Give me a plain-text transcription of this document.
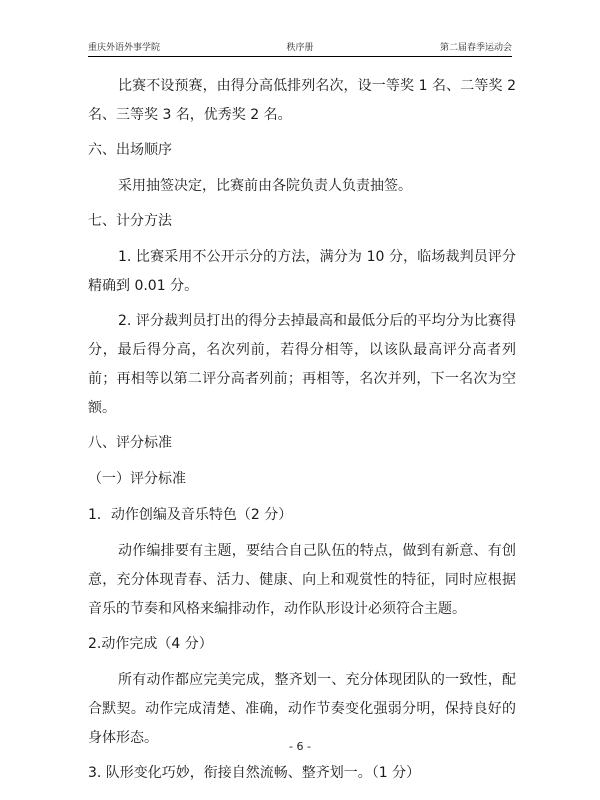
重庆外语外事学院	秩序册	第二届春季运动会

比赛不设预赛，由得分高低排列名次，设一等奖 1 名、二等奖 2 名、三等奖 3 名，优秀奖 2 名。

六、出场顺序

采用抽签决定，比赛前由各院负责人负责抽签。

七、计分方法

1. 比赛采用不公开示分的方法，满分为 10 分，临场裁判员评分精确到 0.01 分。

2. 评分裁判员打出的得分去掉最高和最低分后的平均分为比赛得分，最后得分高，名次列前，若得分相等，以该队最高评分高者列前；再相等以第二评分高者列前；再相等，名次并列，下一名次为空额。

八、评分标准

（一）评分标准

1．动作创编及音乐特色（2 分）

动作编排要有主题，要结合自己队伍的特点，做到有新意、有创意，充分体现青春、活力、健康、向上和观赏性的特征，同时应根据音乐的节奏和风格来编排动作，动作队形设计必须符合主题。

2.动作完成（4 分）

所有动作都应完美完成，整齐划一、充分体现团队的一致性，配合默契。动作完成清楚、准确，动作节奏变化强弱分明，保持良好的身体形态。

3. 队形变化巧妙，衔接自然流畅、整齐划一。（1 分）

- 6 -
